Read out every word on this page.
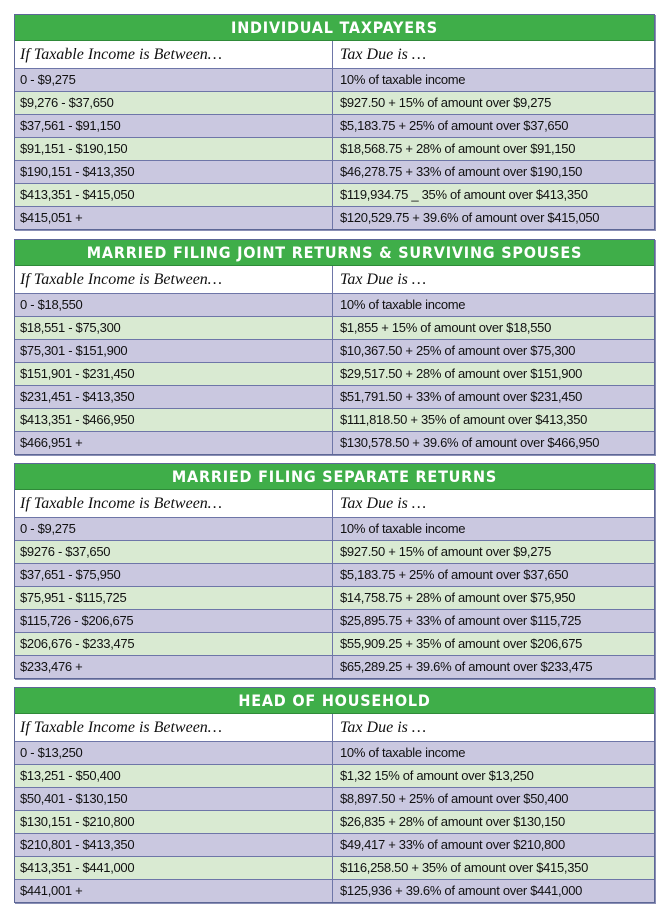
INDIVIDUAL TAXPAYERS
If Taxable Income is Between…	Tax Due is …
0 - $9,275	10% of taxable income
$9,276 - $37,650	$927.50 + 15% of amount over $9,275
$37,561 - $91,150	$5,183.75 + 25% of amount over $37,650
$91,151 - $190,150	$18,568.75 + 28% of amount over $91,150
$190,151 - $413,350	$46,278.75 + 33% of amount over $190,150
$413,351 - $415,050	$119,934.75 _ 35% of amount over $413,350
$415,051 +	$120,529.75 + 39.6% of amount over $415,050
MARRIED FILING JOINT RETURNS & SURVIVING SPOUSES
If Taxable Income is Between…	Tax Due is …
0 - $18,550	10% of taxable income
$18,551 - $75,300	$1,855 + 15% of amount over $18,550
$75,301 - $151,900	$10,367.50 + 25% of amount over $75,300
$151,901 - $231,450	$29,517.50 + 28% of amount over $151,900
$231,451 - $413,350	$51,791.50 + 33% of amount over $231,450
$413,351 - $466,950	$111,818.50 + 35% of amount over $413,350
$466,951 +	$130,578.50 + 39.6% of amount over $466,950
MARRIED FILING SEPARATE RETURNS
If Taxable Income is Between…	Tax Due is …
0 - $9,275	10% of taxable income
$9276 - $37,650	$927.50 + 15% of amount over $9,275
$37,651 - $75,950	$5,183.75 + 25% of amount over $37,650
$75,951 - $115,725	$14,758.75 + 28% of amount over $75,950
$115,726 - $206,675	$25,895.75 + 33% of amount over $115,725
$206,676 - $233,475	$55,909.25 + 35% of amount over $206,675
$233,476 +	$65,289.25 + 39.6% of amount over $233,475
HEAD OF HOUSEHOLD
If Taxable Income is Between…	Tax Due is …
0 - $13,250	10% of taxable income
$13,251 - $50,400	$1,32 15% of amount over $13,250
$50,401 - $130,150	$8,897.50 + 25% of amount over $50,400
$130,151 - $210,800	$26,835 + 28% of amount over $130,150
$210,801 - $413,350	$49,417 + 33% of amount over $210,800
$413,351 - $441,000	$116,258.50 + 35% of amount over $415,350
$441,001 +	$125,936 + 39.6% of amount over $441,000
